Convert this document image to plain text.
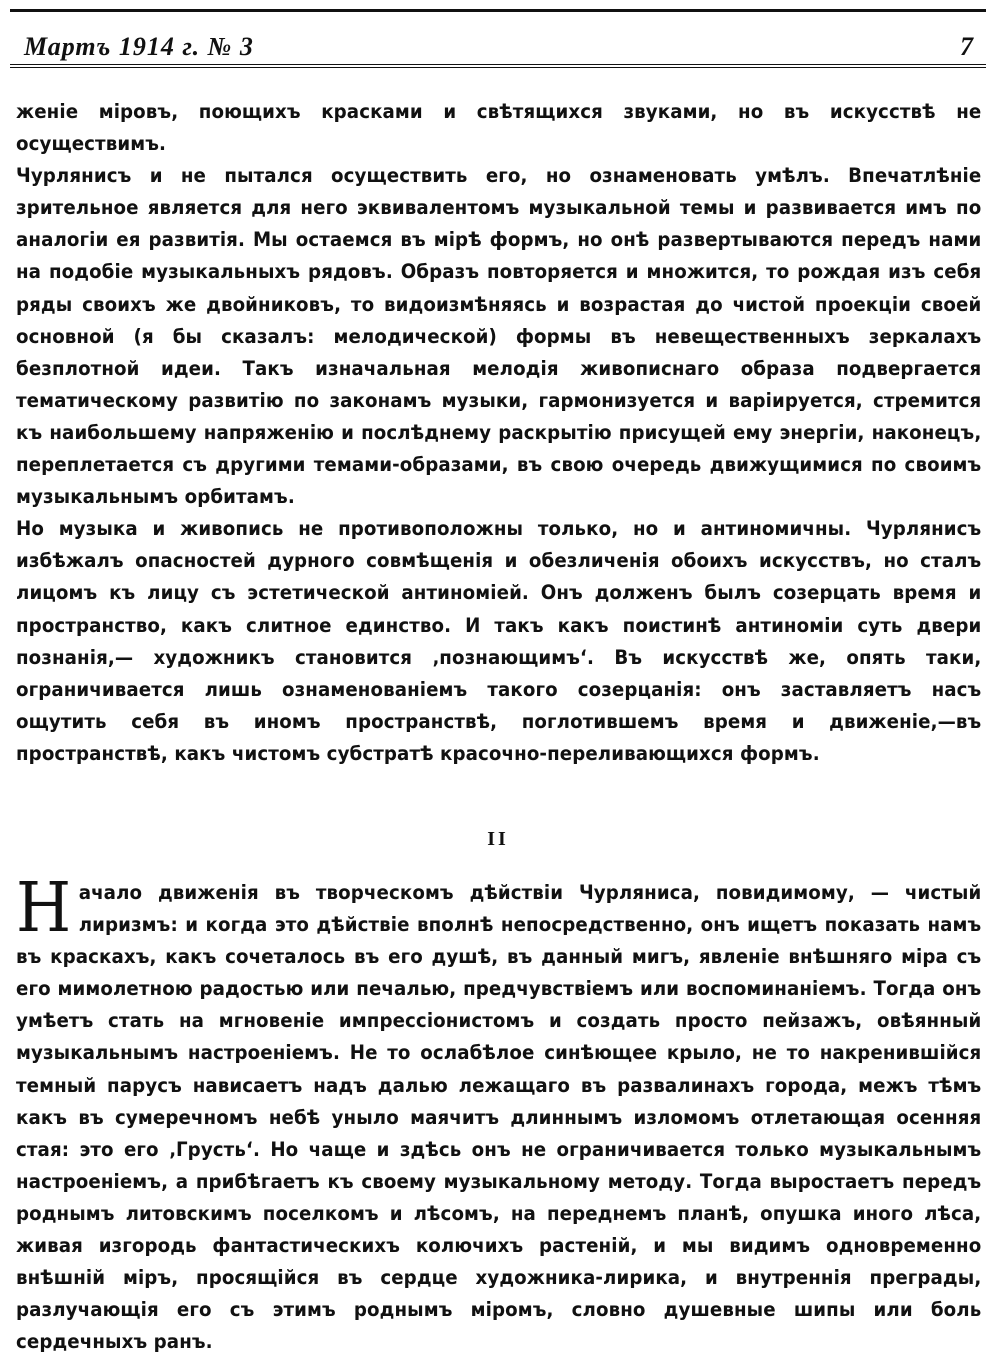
Мартъ 1914 г. № 3	7

женіе міровъ, поющихъ красками и свѣтящихся звуками, но въ искусствѣ не осуществимъ.

Чурлянисъ и не пытался осуществить его, но ознаменовать умѣлъ. Впечатлѣніе зрительное является для него эквивалентомъ музыкальной темы и развивается имъ по аналогіи ея развитія. Мы остаемся въ мірѣ формъ, но онѣ развертываются передъ нами на подобіе музыкальныхъ рядовъ. Образъ повторяется и множится, то рождая изъ себя ряды своихъ же двойниковъ, то видоизмѣняясь и возрастая до чистой проекціи своей основной (я бы сказалъ: мелодической) формы въ невещественныхъ зеркалахъ безплотной идеи. Такъ изначальная мелодія живописнаго образа подвергается тематическому развитію по законамъ музыки, гармонизуется и варіируется, стремится къ наибольшему напряженію и послѣднему раскрытію присущей ему энергіи, наконецъ, переплетается съ другими темами-образами, въ свою очередь движущимися по своимъ музыкальнымъ орбитамъ.

Но музыка и живопись не противоположны только, но и антиномичны. Чурлянисъ избѣжалъ опасностей дурного совмѣщенія и обезличенія обоихъ искусствъ, но сталъ лицомъ къ лицу съ эстетической антиноміей. Онъ долженъ былъ созерцать время и пространство, какъ слитное единство. И такъ какъ поистинѣ антиноміи суть двери познанія,— художникъ становится ‚познающимъ‘. Въ искусствѣ же, опять таки, ограничивается лишь ознаменованіемъ такого созерцанія: онъ заставляетъ насъ ощутить себя въ иномъ пространствѣ, поглотившемъ время и движеніе,—въ пространствѣ, какъ чистомъ субстратѣ красочно-переливающихся формъ.

II

Начало движенія въ творческомъ дѣйствіи Чурляниса, повидимому, — чистый лиризмъ: и когда это дѣйствіе вполнѣ непосредственно, онъ ищетъ показать намъ въ краскахъ, какъ сочеталось въ его душѣ, въ данный мигъ, явленіе внѣшняго міра съ его мимолетною радостью или печалью, предчувствіемъ или воспоминаніемъ. Тогда онъ умѣетъ стать на мгновеніе импрессіонистомъ и создать просто пейзажъ, овѣянный музыкальнымъ настроеніемъ. Не то ослабѣлое синѣющее крыло, не то накренившійся темный парусъ нависаетъ надъ далью лежащаго въ развалинахъ города, межъ тѣмъ какъ въ сумеречномъ небѣ уныло маячитъ длиннымъ изломомъ отлетающая осенняя стая: это его ‚Грусть‘. Но чаще и здѣсь онъ не ограничивается только музыкальнымъ настроеніемъ, а прибѣгаетъ къ своему музыкальному методу. Тогда выростаетъ передъ роднымъ литовскимъ поселкомъ и лѣсомъ, на переднемъ планѣ, опушка иного лѣса, живая изгородь фантастическихъ колючихъ растеній, и мы видимъ одновременно внѣшній міръ, просящійся въ сердце художника-лирика, и внутреннія преграды, разлучающія его съ этимъ роднымъ міромъ, словно душевные шипы или боль сердечныхъ ранъ.
